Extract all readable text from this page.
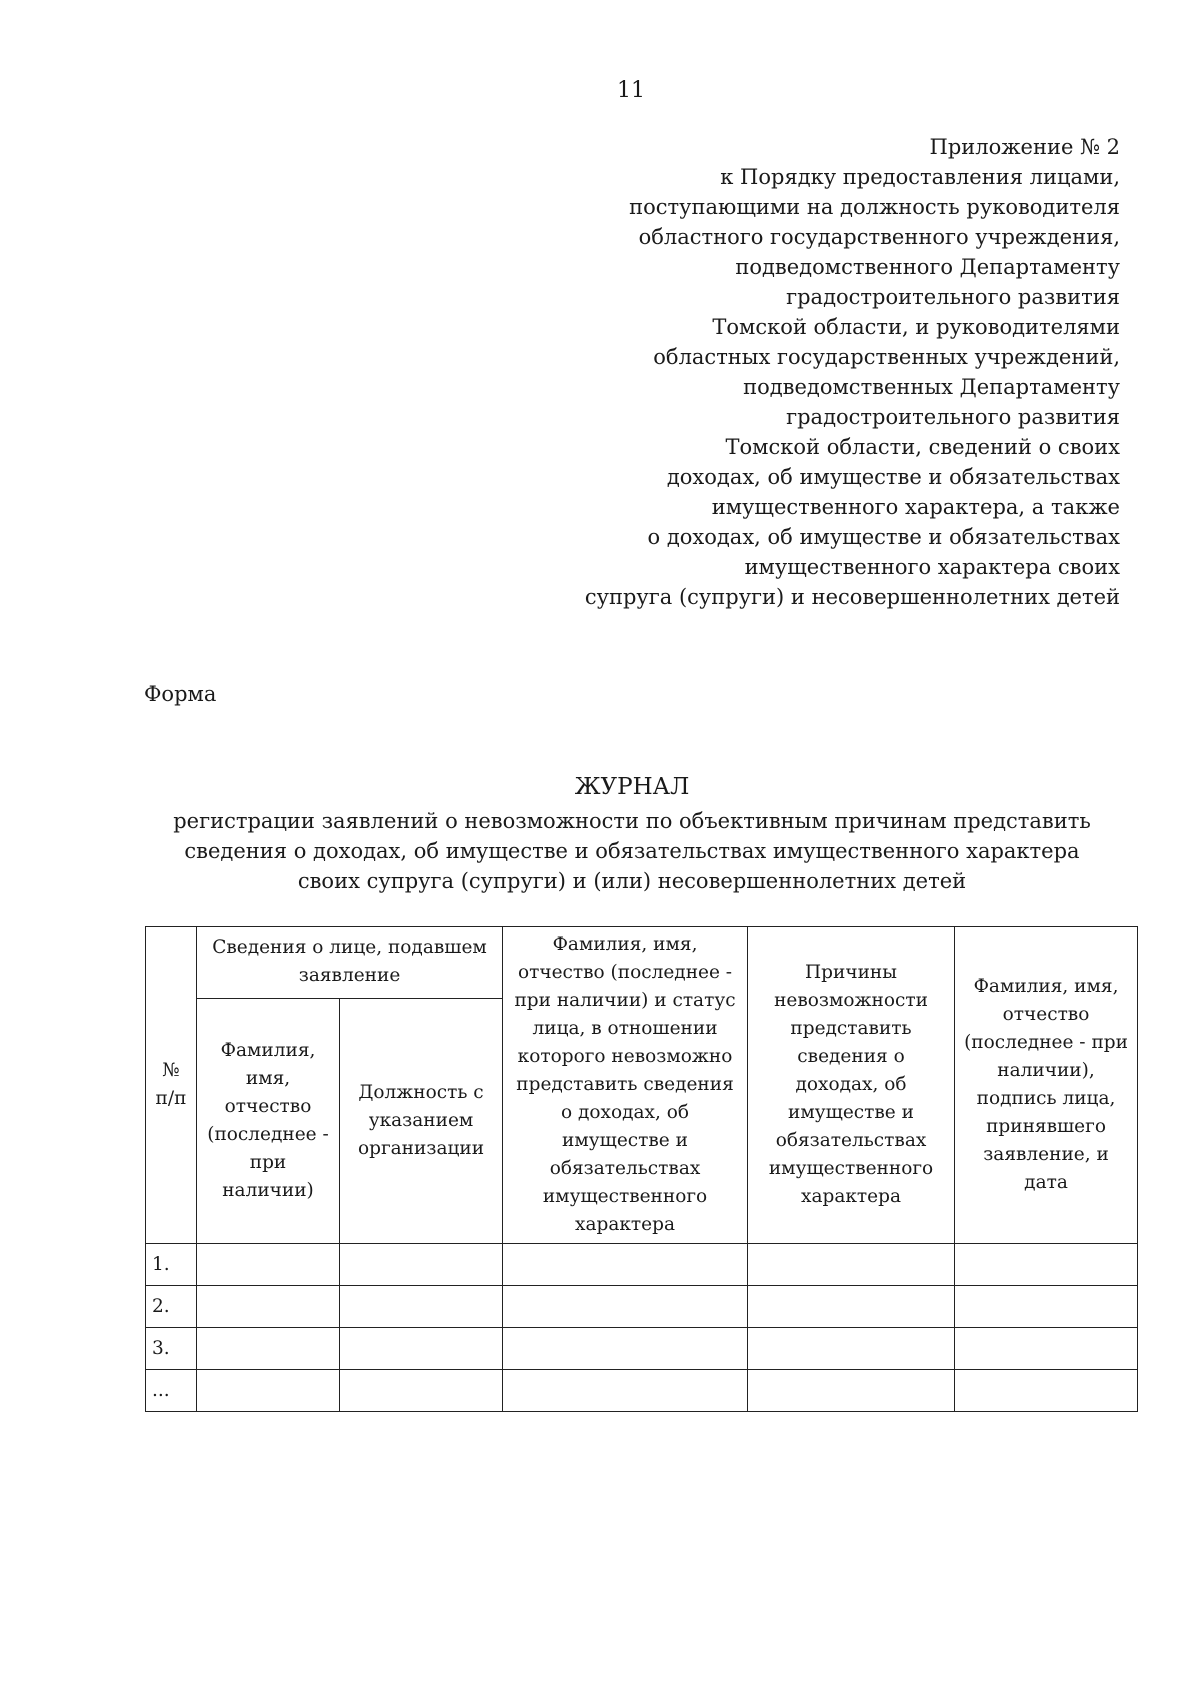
11
Приложение № 2
к Порядку предоставления лицами,
поступающими на должность руководителя
областного государственного учреждения,
подведомственного Департаменту
градостроительного развития
Томской области, и руководителями
областных государственных учреждений,
подведомственных Департаменту
градостроительного развития
Томской области, сведений о своих
доходах, об имуществе и обязательствах
имущественного характера, а также
о доходах, об имуществе и обязательствах
имущественного характера своих
супруга (супруги) и несовершеннолетних детей
Форма
ЖУРНАЛ
регистрации заявлений о невозможности по объективным причинам представить
сведения о доходах, об имуществе и обязательствах имущественного характера
своих супруга (супруги) и (или) несовершеннолетних детей
№ п/п	Сведения о лице, подавшем заявление		Фамилия, имя, отчество (последнее - при наличии) и статус лица, в отношении которого невозможно представить сведения о доходах, об имуществе и обязательствах имущественного характера	Причины невозможности представить сведения о доходах, об имуществе и обязательствах имущественного характера	Фамилия, имя, отчество (последнее - при наличии), подпись лица, принявшего заявление, и дата
	Фамилия, имя, отчество (последнее - при наличии)	Должность с указанием организации			
1.					
2.					
3.					
...					
